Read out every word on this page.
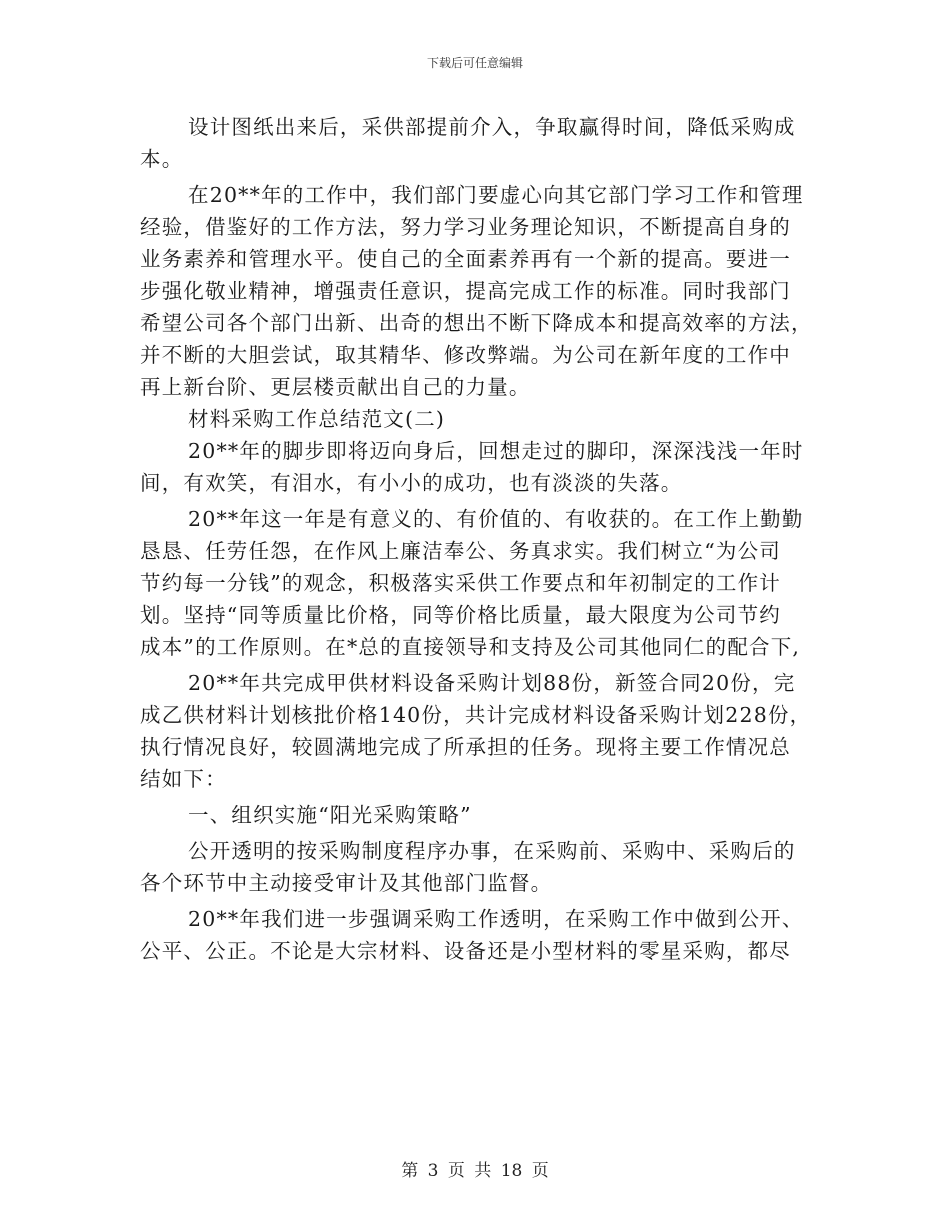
下载后可任意编辑
设计图纸出来后，采供部提前介入，争取赢得时间，降低采购成
本。
在20**年的工作中，我们部门要虚心向其它部门学习工作和管理
经验，借鉴好的工作方法，努力学习业务理论知识，不断提高自身的
业务素养和管理水平。使自己的全面素养再有一个新的提高。要进一
步强化敬业精神，增强责任意识，提高完成工作的标准。同时我部门
希望公司各个部门出新、出奇的想出不断下降成本和提高效率的方法，
并不断的大胆尝试，取其精华、修改弊端。为公司在新年度的工作中
再上新台阶、更层楼贡献出自己的力量。
材料采购工作总结范文(二)
20**年的脚步即将迈向身后，回想走过的脚印，深深浅浅一年时
间，有欢笑，有泪水，有小小的成功，也有淡淡的失落。
20**年这一年是有意义的、有价值的、有收获的。在工作上勤勤
恳恳、任劳任怨，在作风上廉洁奉公、务真求实。我们树立“为公司
节约每一分钱”的观念，积极落实采供工作要点和年初制定的工作计
划。坚持“同等质量比价格，同等价格比质量，最大限度为公司节约
成本”的工作原则。在*总的直接领导和支持及公司其他同仁的配合下,
20**年共完成甲供材料设备采购计划88份，新签合同20份，完
成乙供材料计划核批价格140份，共计完成材料设备采购计划228份，
执行情况良好，较圆满地完成了所承担的任务。现将主要工作情况总
结如下：
一、组织实施“阳光采购策略”
公开透明的按采购制度程序办事，在采购前、采购中、采购后的
各个环节中主动接受审计及其他部门监督。
20**年我们进一步强调采购工作透明，在采购工作中做到公开、
公平、公正。不论是大宗材料、设备还是小型材料的零星采购，都尽
第 3 页 共 18 页
